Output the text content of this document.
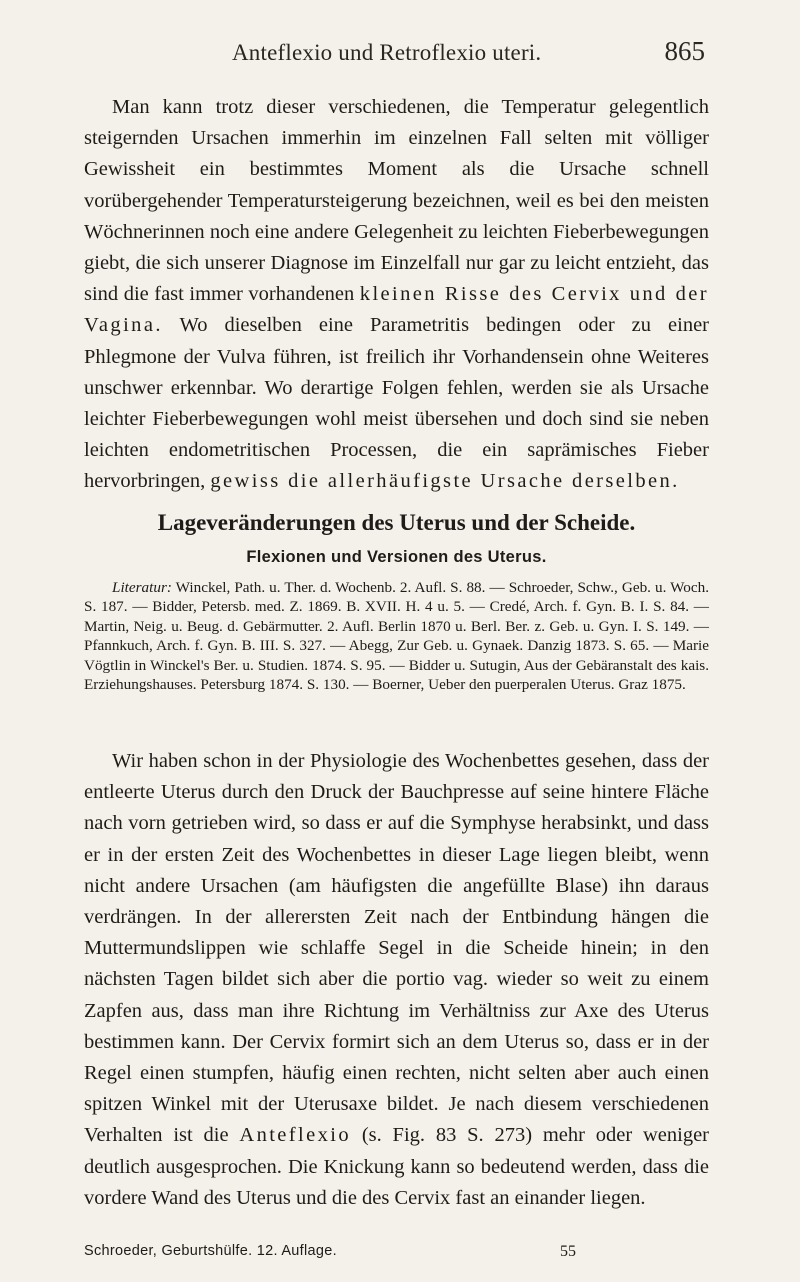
Anteflexio und Retroflexio uteri.	865

Man kann trotz dieser verschiedenen, die Temperatur gelegentlich steigernden Ursachen immerhin im einzelnen Fall selten mit völliger Gewissheit ein bestimmtes Moment als die Ursache schnell vorübergehender Temperatursteigerung bezeichnen, weil es bei den meisten Wöchnerinnen noch eine andere Gelegenheit zu leichten Fieberbewegungen giebt, die sich unserer Diagnose im Einzelfall nur gar zu leicht entzieht, das sind die fast immer vorhandenen kleinen Risse des Cervix und der Vagina. Wo dieselben eine Parametritis bedingen oder zu einer Phlegmone der Vulva führen, ist freilich ihr Vorhandensein ohne Weiteres unschwer erkennbar. Wo derartige Folgen fehlen, werden sie als Ursache leichter Fieberbewegungen wohl meist übersehen und doch sind sie neben leichten endometritischen Processen, die ein saprämisches Fieber hervorbringen, gewiss die allerhäufigste Ursache derselben.

Lageveränderungen des Uterus und der Scheide.
Flexionen und Versionen des Uterus.

Literatur: Winckel, Path. u. Ther. d. Wochenb. 2. Aufl. S. 88. — Schroeder, Schw., Geb. u. Woch. S. 187. — Bidder, Petersb. med. Z. 1869. B. XVII. H. 4 u. 5. — Credé, Arch. f. Gyn. B. I. S. 84. — Martin, Neig. u. Beug. d. Gebärmutter. 2. Aufl. Berlin 1870 u. Berl. Ber. z. Geb. u. Gyn. I. S. 149. — Pfannkuch, Arch. f. Gyn. B. III. S. 327. — Abegg, Zur Geb. u. Gynaek. Danzig 1873. S. 65. — Marie Vögtlin in Winckel's Ber. u. Studien. 1874. S. 95. — Bidder u. Sutugin, Aus der Gebäranstalt des kais. Erziehungshauses. Petersburg 1874. S. 130. — Boerner, Ueber den puerperalen Uterus. Graz 1875.

Wir haben schon in der Physiologie des Wochenbettes gesehen, dass der entleerte Uterus durch den Druck der Bauchpresse auf seine hintere Fläche nach vorn getrieben wird, so dass er auf die Symphyse herabsinkt, und dass er in der ersten Zeit des Wochenbettes in dieser Lage liegen bleibt, wenn nicht andere Ursachen (am häufigsten die angefüllte Blase) ihn daraus verdrängen. In der allerersten Zeit nach der Entbindung hängen die Muttermundslippen wie schlaffe Segel in die Scheide hinein; in den nächsten Tagen bildet sich aber die portio vag. wieder so weit zu einem Zapfen aus, dass man ihre Richtung im Verhältniss zur Axe des Uterus bestimmen kann. Der Cervix formirt sich an dem Uterus so, dass er in der Regel einen stumpfen, häufig einen rechten, nicht selten aber auch einen spitzen Winkel mit der Uterusaxe bildet. Je nach diesem verschiedenen Verhalten ist die Anteflexio (s. Fig. 83 S. 273) mehr oder weniger deutlich ausgesprochen. Die Knickung kann so bedeutend werden, dass die vordere Wand des Uterus und die des Cervix fast an einander liegen.

Schroeder, Geburtshülfe. 12. Auflage.	55
